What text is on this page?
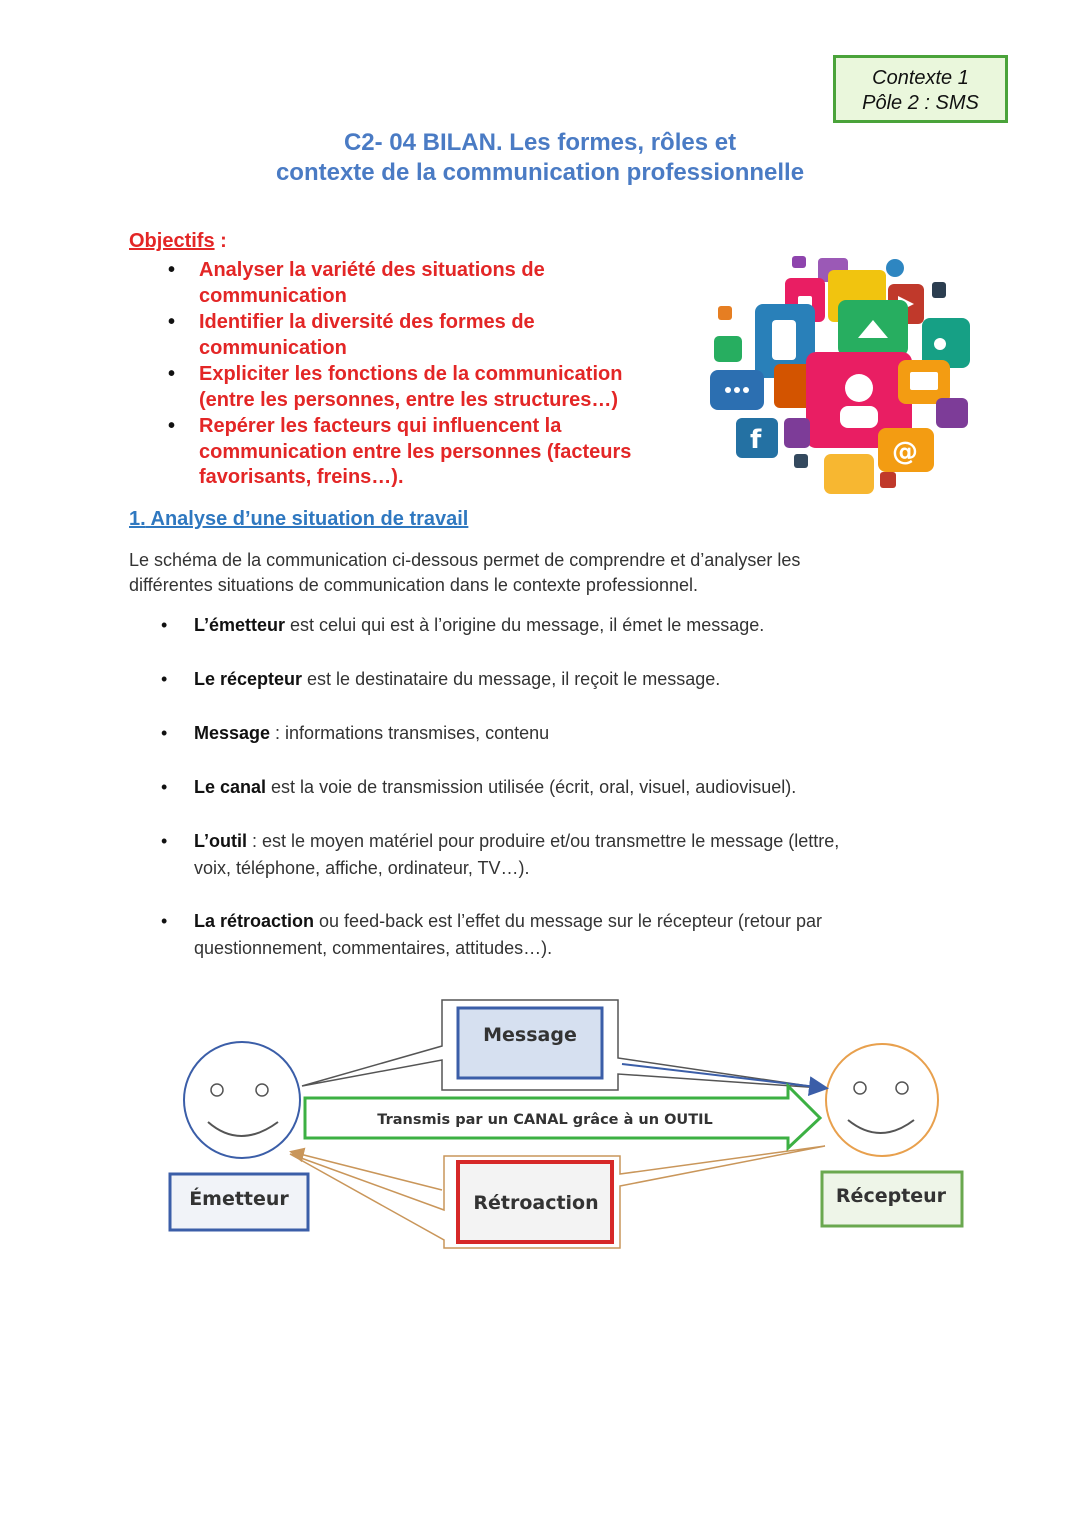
Contexte 1
Pôle 2 : SMS
C2- 04 BILAN. Les formes, rôles et
contexte de la communication professionnelle
Objectifs :
• Analyser la variété des situations de
communication
• Identifier la diversité des formes de
communication
• Expliciter les fonctions de la communication
(entre les personnes, entre les structures…)
• Repérer les facteurs qui influencent la
communication entre les personnes (facteurs
favorisants, freins…).
f	@
1. Analyse d’une situation de travail
Le schéma de la communication ci-dessous permet de comprendre et d’analyser les
différentes situations de communication dans le contexte professionnel.
•	L’émetteur est celui qui est à l’origine du message, il émet le message.
•	Le récepteur est le destinataire du message, il reçoit le message.
•	Message : informations transmises, contenu
•	Le canal est la voie de transmission utilisée (écrit, oral, visuel, audiovisuel).
•	L’outil : est le moyen matériel pour produire et/ou transmettre le message (lettre,
voix, téléphone, affiche, ordinateur, TV…).
•	La rétroaction ou feed-back est l’effet du message sur le récepteur (retour par
questionnement, commentaires, attitudes…).
Message
Transmis par un CANAL grâce à un OUTIL
Rétroaction
Émetteur	Récepteur
